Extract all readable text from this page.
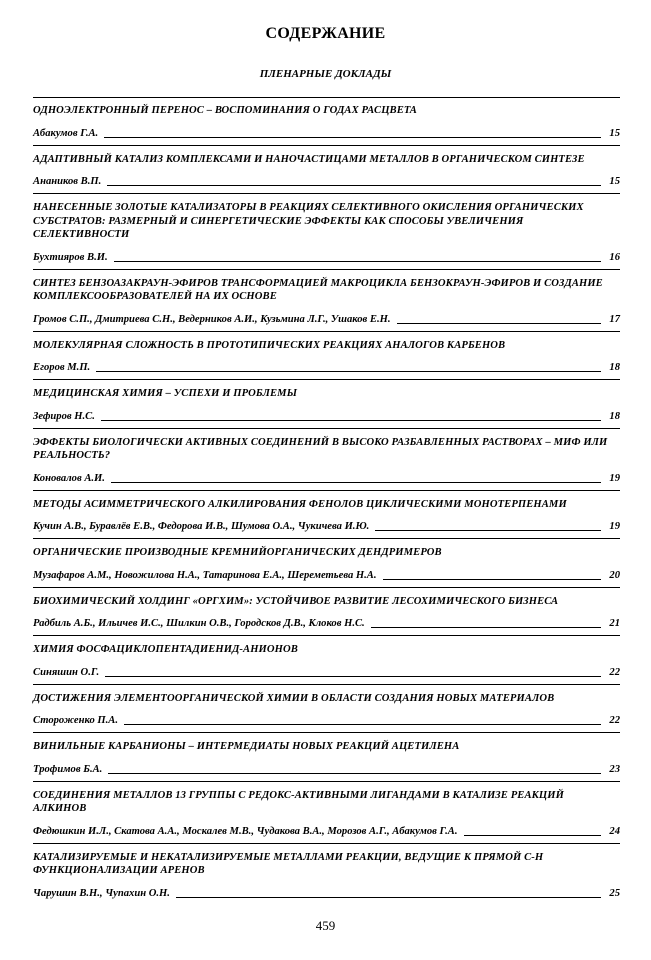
СОДЕРЖАНИЕ
ПЛЕНАРНЫЕ ДОКЛАДЫ
ОДНОЭЛЕКТРОННЫЙ ПЕРЕНОС – ВОСПОМИНАНИЯ О ГОДАХ РАСЦВЕТА
Абакумов Г.А.	15
АДАПТИВНЫЙ КАТАЛИЗ КОМПЛЕКСАМИ И НАНОЧАСТИЦАМИ МЕТАЛЛОВ В ОРГАНИЧЕСКОМ СИНТЕЗЕ
Анаников В.П.	15
НАНЕСЕННЫЕ ЗОЛОТЫЕ КАТАЛИЗАТОРЫ В РЕАКЦИЯХ СЕЛЕКТИВНОГО ОКИСЛЕНИЯ ОРГАНИЧЕСКИХ СУБСТРАТОВ: РАЗМЕРНЫЙ И СИНЕРГЕТИЧЕСКИЕ ЭФФЕКТЫ КАК СПОСОБЫ УВЕЛИЧЕНИЯ СЕЛЕКТИВНОСТИ
Бухтияров В.И.	16
СИНТЕЗ БЕНЗОАЗАКРАУН-ЭФИРОВ ТРАНСФОРМАЦИЕЙ МАКРОЦИКЛА БЕНЗОКРАУН-ЭФИРОВ И СОЗДАНИЕ КОМПЛЕКСООБРАЗОВАТЕЛЕЙ НА ИХ ОСНОВЕ
Громов С.П., Дмитриева С.Н., Ведерников А.И., Кузьмина Л.Г., Ушаков Е.Н.	17
МОЛЕКУЛЯРНАЯ СЛОЖНОСТЬ В ПРОТОТИПИЧЕСКИХ РЕАКЦИЯХ АНАЛОГОВ КАРБЕНОВ
Егоров М.П.	18
МЕДИЦИНСКАЯ ХИМИЯ – УСПЕХИ И ПРОБЛЕМЫ
Зефиров Н.С.	18
ЭФФЕКТЫ БИОЛОГИЧЕСКИ АКТИВНЫХ СОЕДИНЕНИЙ В ВЫСОКО РАЗБАВЛЕННЫХ РАСТВОРАХ – МИФ ИЛИ РЕАЛЬНОСТЬ?
Коновалов А.И.	19
МЕТОДЫ АСИММЕТРИЧЕСКОГО АЛКИЛИРОВАНИЯ ФЕНОЛОВ ЦИКЛИЧЕСКИМИ МОНОТЕРПЕНАМИ
Кучин А.В., Буравлёв Е.В., Федорова И.В., Шумова О.А., Чукичева И.Ю.	19
ОРГАНИЧЕСКИЕ ПРОИЗВОДНЫЕ КРЕМНИЙОРГАНИЧЕСКИХ ДЕНДРИМЕРОВ
Музафаров А.М., Новожилова Н.А., Татаринова Е.А., Шереметьева Н.А.	20
БИОХИМИЧЕСКИЙ ХОЛДИНГ «ОРГХИМ»: УСТОЙЧИВОЕ РАЗВИТИЕ ЛЕСОХИМИЧЕСКОГО БИЗНЕСА
Радбиль А.Б., Ильичев И.С., Шилкин О.В., Городсков Д.В., Клоков Н.С.	21
ХИМИЯ ФОСФАЦИКЛОПЕНТАДИЕНИД-АНИОНОВ
Синяшин О.Г.	22
ДОСТИЖЕНИЯ ЭЛЕМЕНТООРГАНИЧЕСКОЙ ХИМИИ В ОБЛАСТИ СОЗДАНИЯ НОВЫХ МАТЕРИАЛОВ
Стороженко П.А.	22
ВИНИЛЬНЫЕ КАРБАНИОНЫ – ИНТЕРМЕДИАТЫ НОВЫХ РЕАКЦИЙ АЦЕТИЛЕНА
Трофимов Б.А.	23
СОЕДИНЕНИЯ МЕТАЛЛОВ 13 ГРУППЫ С РЕДОКС-АКТИВНЫМИ ЛИГАНДАМИ В КАТАЛИЗЕ РЕАКЦИЙ АЛКИНОВ
Федюшкин И.Л., Скатова А.А., Москалев М.В., Чудакова В.А., Морозов А.Г., Абакумов Г.А.	24
КАТАЛИЗИРУЕМЫЕ И НЕКАТАЛИЗИРУЕМЫЕ МЕТАЛЛАМИ РЕАКЦИИ, ВЕДУЩИЕ К ПРЯМОЙ С-Н ФУНКЦИОНАЛИЗАЦИИ АРЕНОВ
Чарушин В.Н., Чупахин О.Н.	25
459
